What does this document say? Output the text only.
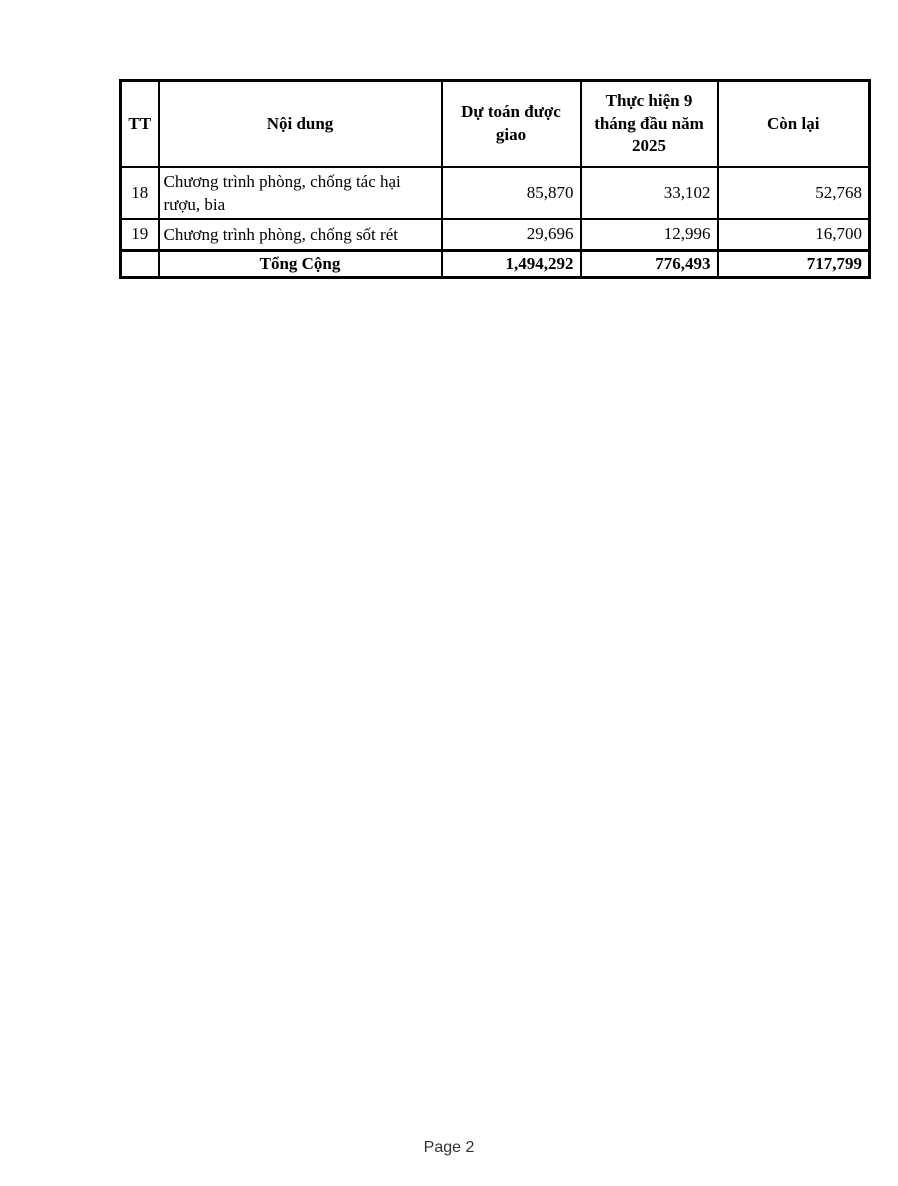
TT	Nội dung	Dự toán được giao	Thực hiện 9 tháng đầu năm 2025	Còn lại
18	Chương trình phòng, chống tác hại rượu, bia	85,870	33,102	52,768
19	Chương trình phòng, chống sốt rét	29,696	12,996	16,700
	Tổng Cộng	1,494,292	776,493	717,799
Page 2
